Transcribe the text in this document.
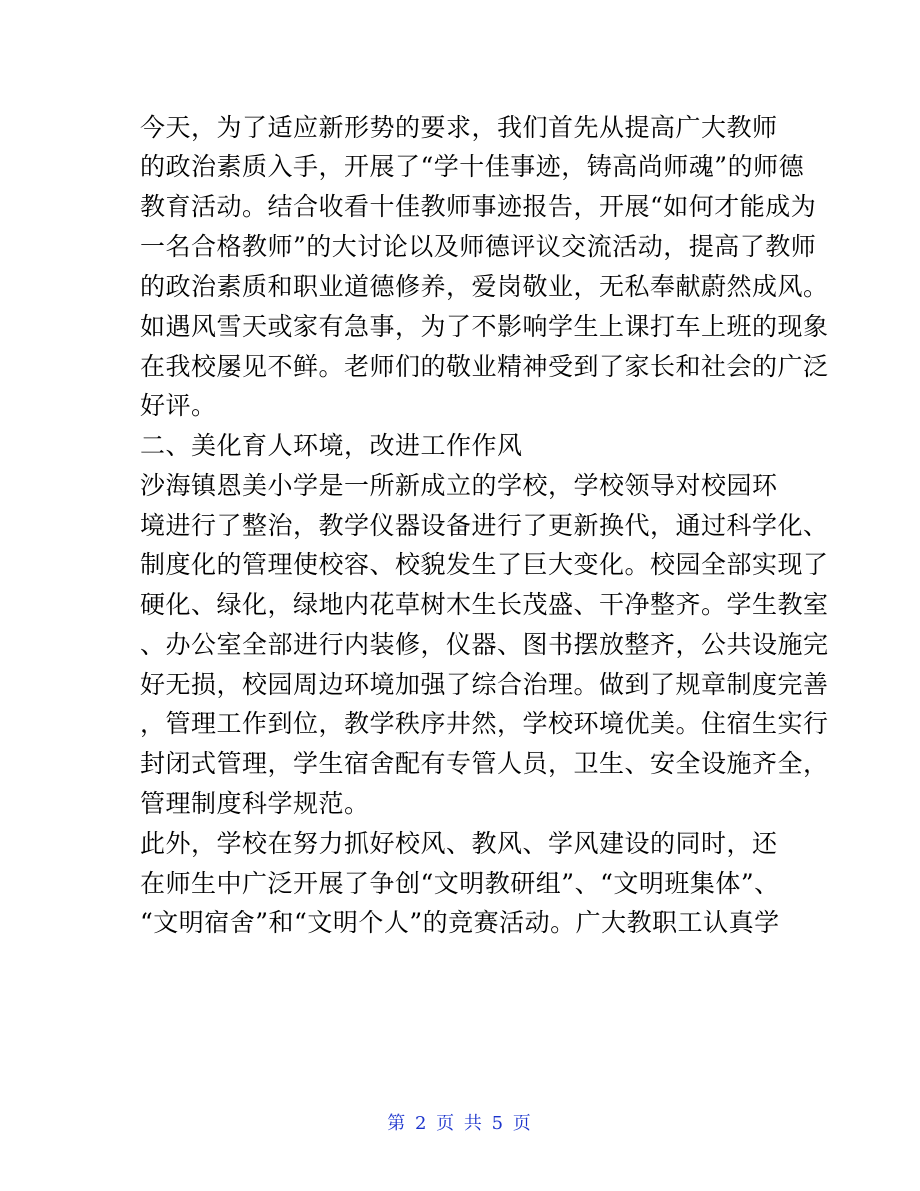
今天，为了适应新形势的要求，我们首先从提高广大教师
的政治素质入手，开展了“学十佳事迹，铸高尚师魂”的师德
教育活动。结合收看十佳教师事迹报告，开展“如何才能成为
一名合格教师”的大讨论以及师德评议交流活动，提高了教师
的政治素质和职业道德修养，爱岗敬业，无私奉献蔚然成风。
如遇风雪天或家有急事，为了不影响学生上课打车上班的现象
在我校屡见不鲜。老师们的敬业精神受到了家长和社会的广泛
好评。
二、美化育人环境，改进工作作风
沙海镇恩美小学是一所新成立的学校，学校领导对校园环
境进行了整治，教学仪器设备进行了更新换代，通过科学化、
制度化的管理使校容、校貌发生了巨大变化。校园全部实现了
硬化、绿化，绿地内花草树木生长茂盛、干净整齐。学生教室
、办公室全部进行内装修，仪器、图书摆放整齐，公共设施完
好无损，校园周边环境加强了综合治理。做到了规章制度完善
，管理工作到位，教学秩序井然，学校环境优美。住宿生实行
封闭式管理，学生宿舍配有专管人员，卫生、安全设施齐全，
管理制度科学规范。
此外，学校在努力抓好校风、教风、学风建设的同时，还
在师生中广泛开展了争创“文明教研组”、“文明班集体”、
“文明宿舍”和“文明个人”的竞赛活动。广大教职工认真学
第 2 页 共 5 页
